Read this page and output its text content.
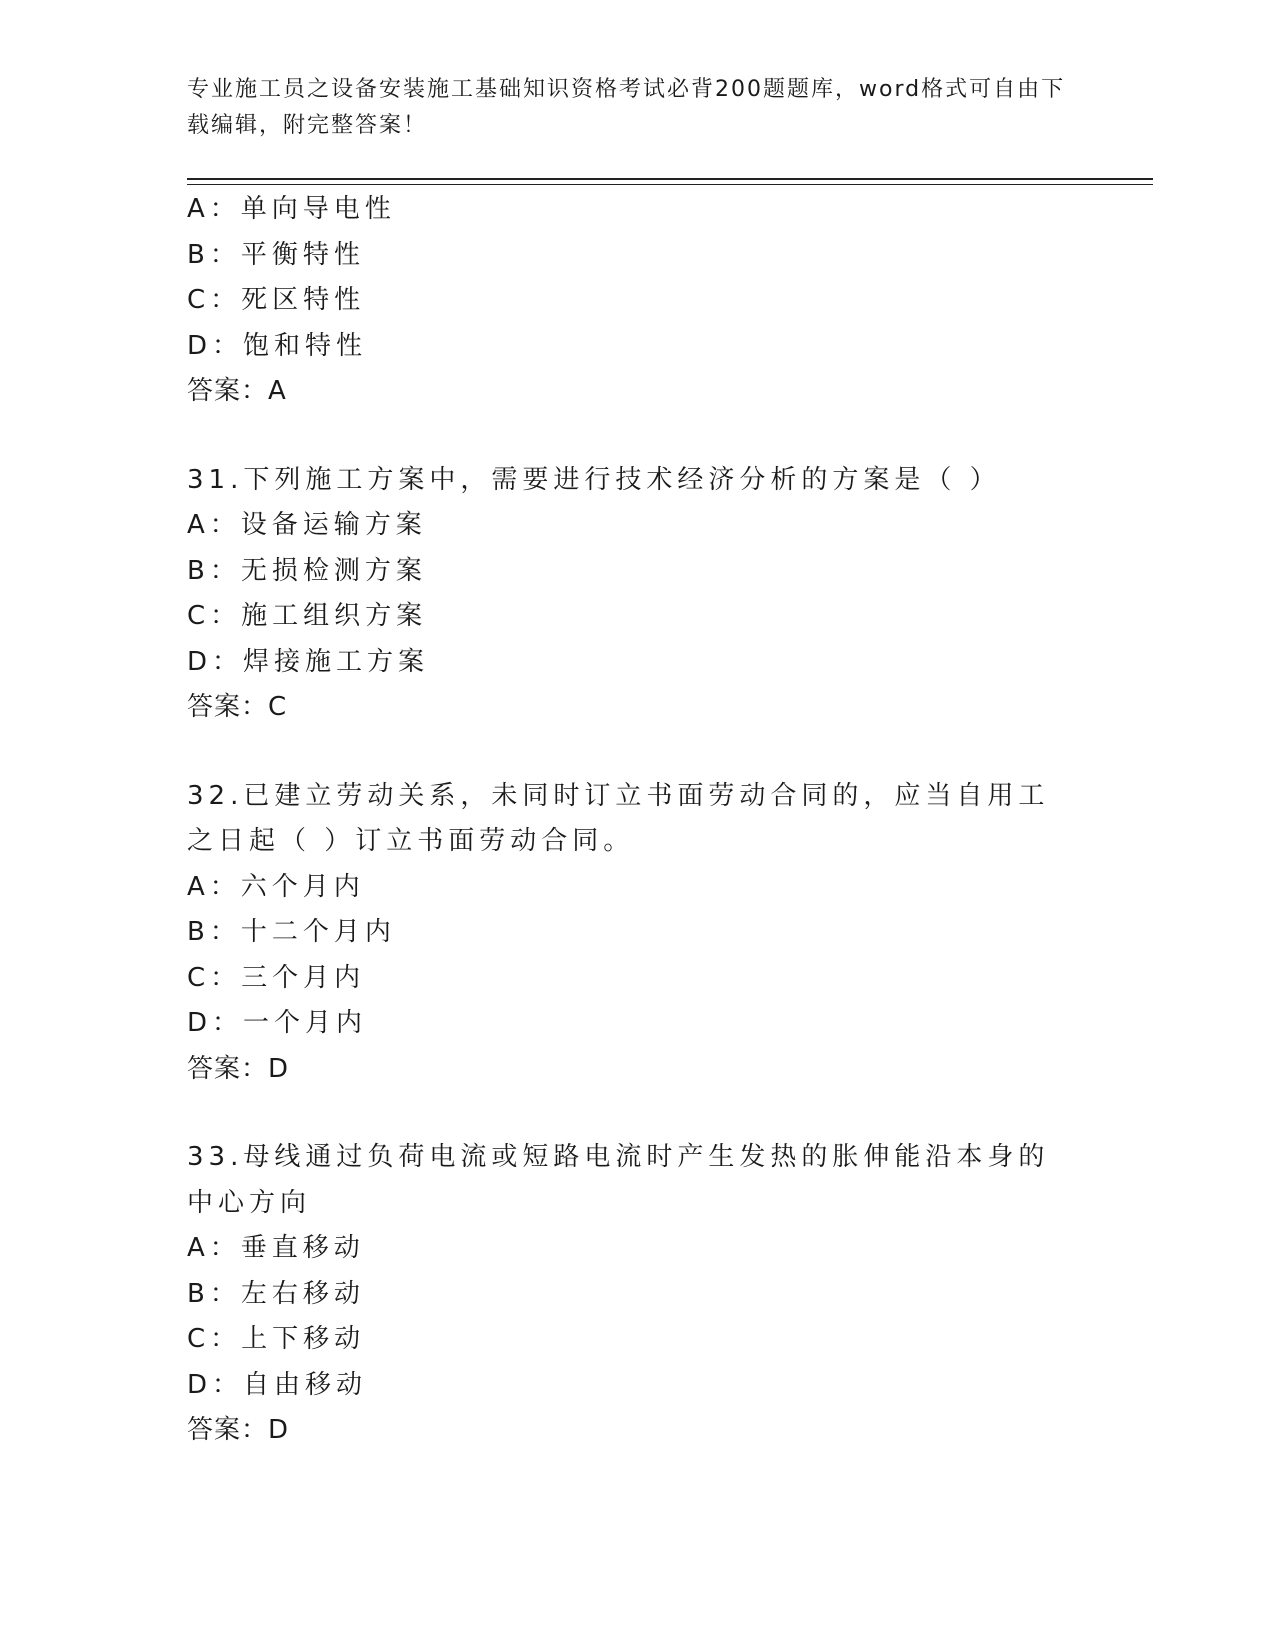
专业施工员之设备安装施工基础知识资格考试必背200题题库，word格式可自由下载编辑，附完整答案！
A：单向导电性
B：平衡特性
C：死区特性
D：饱和特性
答案：A
31.下列施工方案中，需要进行技术经济分析的方案是（ ）
A：设备运输方案
B：无损检测方案
C：施工组织方案
D：焊接施工方案
答案：C
32.已建立劳动关系，未同时订立书面劳动合同的，应当自用工之日起（ ）订立书面劳动合同。
A：六个月内
B：十二个月内
C：三个月内
D：一个月内
答案：D
33.母线通过负荷电流或短路电流时产生发热的胀伸能沿本身的中心方向
A：垂直移动
B：左右移动
C：上下移动
D：自由移动
答案：D
